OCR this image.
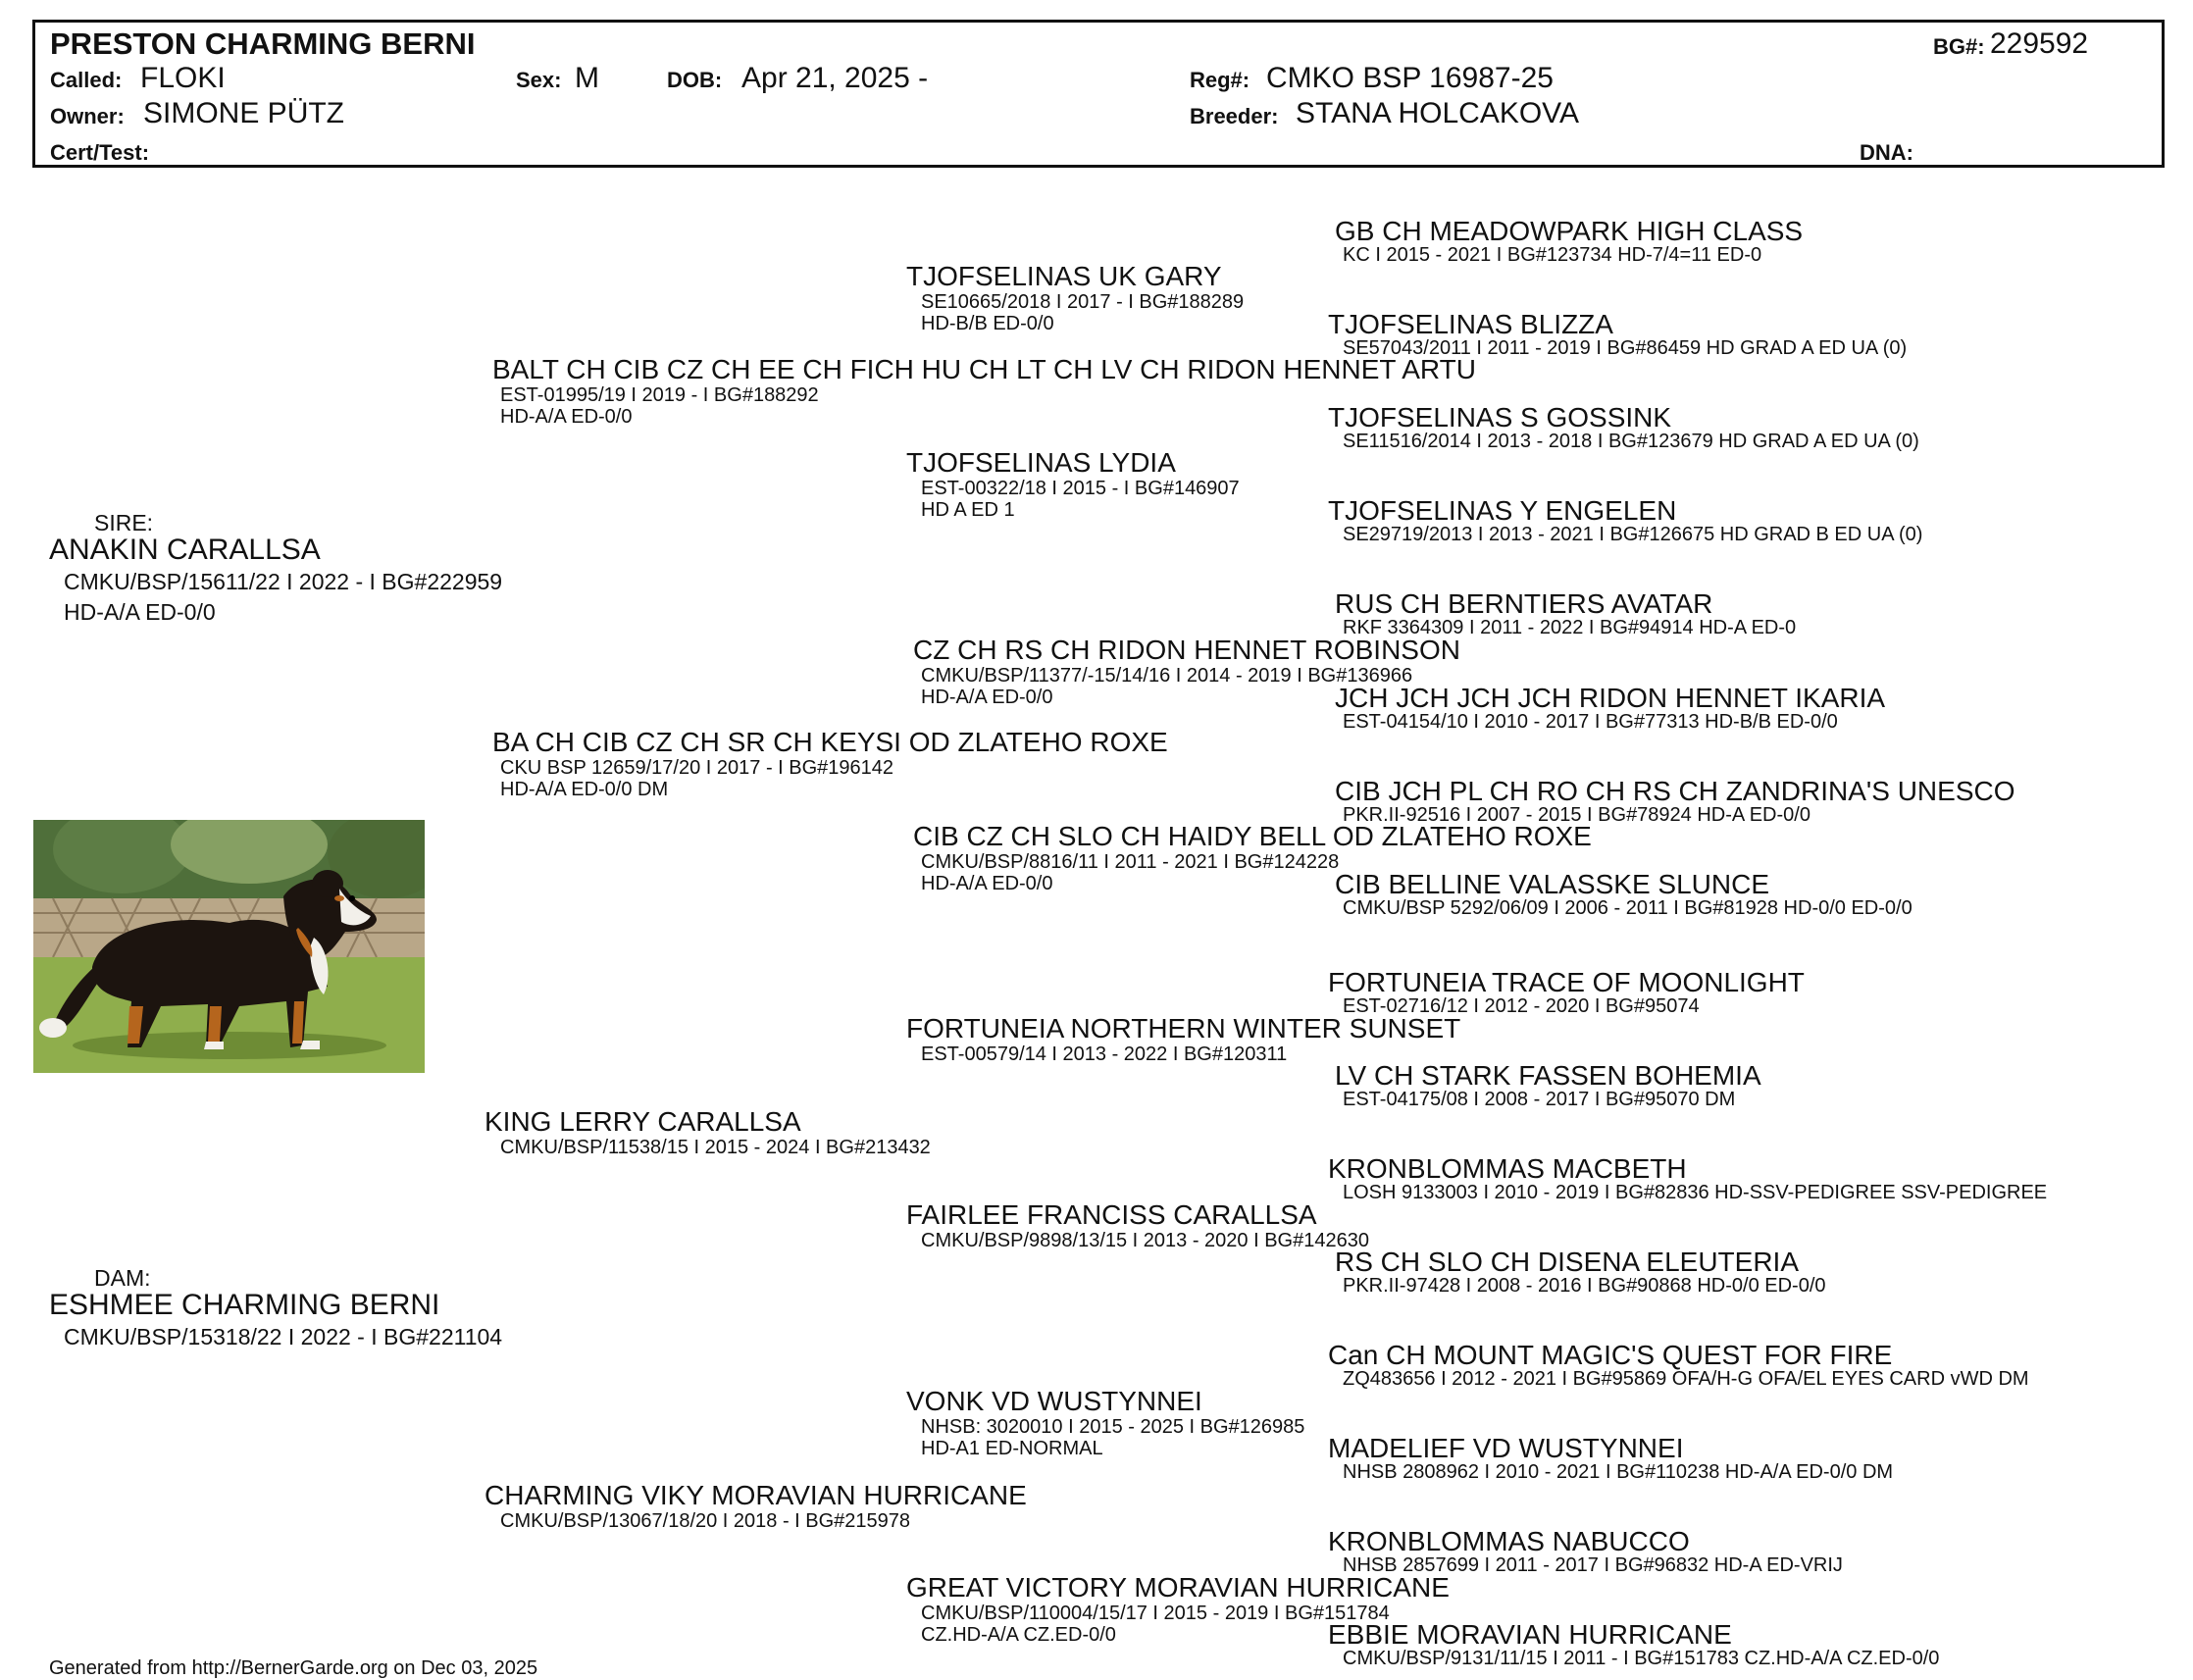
PRESTON CHARMING BERNI	BG#: 229592
Called: FLOKI	Sex: M	DOB: Apr 21, 2025 -	Reg#: CMKO BSP 16987-25
Owner: SIMONE PÜTZ	Breeder: STANA HOLCAKOVA
Cert/Test:	DNA:
SIRE:
ANAKIN CARALLSA
CMKU/BSP/15611/22 I 2022 - I BG#222959
HD-A/A ED-0/0
DAM:
ESHMEE CHARMING BERNI
CMKU/BSP/15318/22 I 2022 - I BG#221104
BALT CH CIB CZ CH EE CH FICH HU CH LT CH LV CH RIDON HENNET ARTU
EST-01995/19 I 2019 - I BG#188292
HD-A/A ED-0/0
BA CH CIB CZ CH SR CH KEYSI OD ZLATEHO ROXE
CKU BSP 12659/17/20 I 2017 - I BG#196142
HD-A/A ED-0/0 DM
KING LERRY CARALLSA
CMKU/BSP/11538/15 I 2015 - 2024 I BG#213432
CHARMING VIKY MORAVIAN HURRICANE
CMKU/BSP/13067/18/20 I 2018 - I BG#215978
TJOFSELINAS UK GARY
SE10665/2018 I 2017 - I BG#188289
HD-B/B ED-0/0
TJOFSELINAS LYDIA
EST-00322/18 I 2015 - I BG#146907
HD A ED 1
CZ CH RS CH RIDON HENNET ROBINSON
CMKU/BSP/11377/-15/14/16 I 2014 - 2019 I BG#136966
HD-A/A ED-0/0
CIB CZ CH SLO CH HAIDY BELL OD ZLATEHO ROXE
CMKU/BSP/8816/11 I 2011 - 2021 I BG#124228
HD-A/A ED-0/0
FORTUNEIA NORTHERN WINTER SUNSET
EST-00579/14 I 2013 - 2022 I BG#120311
FAIRLEE FRANCISS CARALLSA
CMKU/BSP/9898/13/15 I 2013 - 2020 I BG#142630
VONK VD WUSTYNNEI
NHSB: 3020010 I 2015 - 2025 I BG#126985
HD-A1 ED-NORMAL
GREAT VICTORY MORAVIAN HURRICANE
CMKU/BSP/110004/15/17 I 2015 - 2019 I BG#151784
CZ.HD-A/A CZ.ED-0/0
GB CH MEADOWPARK HIGH CLASS
KC I 2015 - 2021 I BG#123734 HD-7/4=11 ED-0
TJOFSELINAS BLIZZA
SE57043/2011 I 2011 - 2019 I BG#86459 HD GRAD A ED UA (0)
TJOFSELINAS S GOSSINK
SE11516/2014 I 2013 - 2018 I BG#123679 HD GRAD A ED UA (0)
TJOFSELINAS Y ENGELEN
SE29719/2013 I 2013 - 2021 I BG#126675 HD GRAD B ED UA (0)
RUS CH BERNTIERS AVATAR
RKF 3364309 I 2011 - 2022 I BG#94914 HD-A ED-0
JCH JCH JCH JCH RIDON HENNET IKARIA
EST-04154/10 I 2010 - 2017 I BG#77313 HD-B/B ED-0/0
CIB JCH PL CH RO CH RS CH ZANDRINA'S UNESCO
PKR.II-92516 I 2007 - 2015 I BG#78924 HD-A ED-0/0
CIB BELLINE VALASSKE SLUNCE
CMKU/BSP 5292/06/09 I 2006 - 2011 I BG#81928 HD-0/0 ED-0/0
FORTUNEIA TRACE OF MOONLIGHT
EST-02716/12 I 2012 - 2020 I BG#95074
LV CH STARK FASSEN BOHEMIA
EST-04175/08 I 2008 - 2017 I BG#95070 DM
KRONBLOMMAS MACBETH
LOSH 9133003 I 2010 - 2019 I BG#82836 HD-SSV-PEDIGREE SSV-PEDIGREE
RS CH SLO CH DISENA ELEUTERIA
PKR.II-97428 I 2008 - 2016 I BG#90868 HD-0/0 ED-0/0
Can CH MOUNT MAGIC'S QUEST FOR FIRE
ZQ483656 I 2012 - 2021 I BG#95869 OFA/H-G OFA/EL EYES CARD vWD DM
MADELIEF VD WUSTYNNEI
NHSB 2808962 I 2010 - 2021 I BG#110238 HD-A/A ED-0/0 DM
KRONBLOMMAS NABUCCO
NHSB 2857699 I 2011 - 2017 I BG#96832 HD-A ED-VRIJ
EBBIE MORAVIAN HURRICANE
CMKU/BSP/9131/11/15 I 2011 - I BG#151783 CZ.HD-A/A CZ.ED-0/0
Generated from http://BernerGarde.org on Dec 03, 2025
